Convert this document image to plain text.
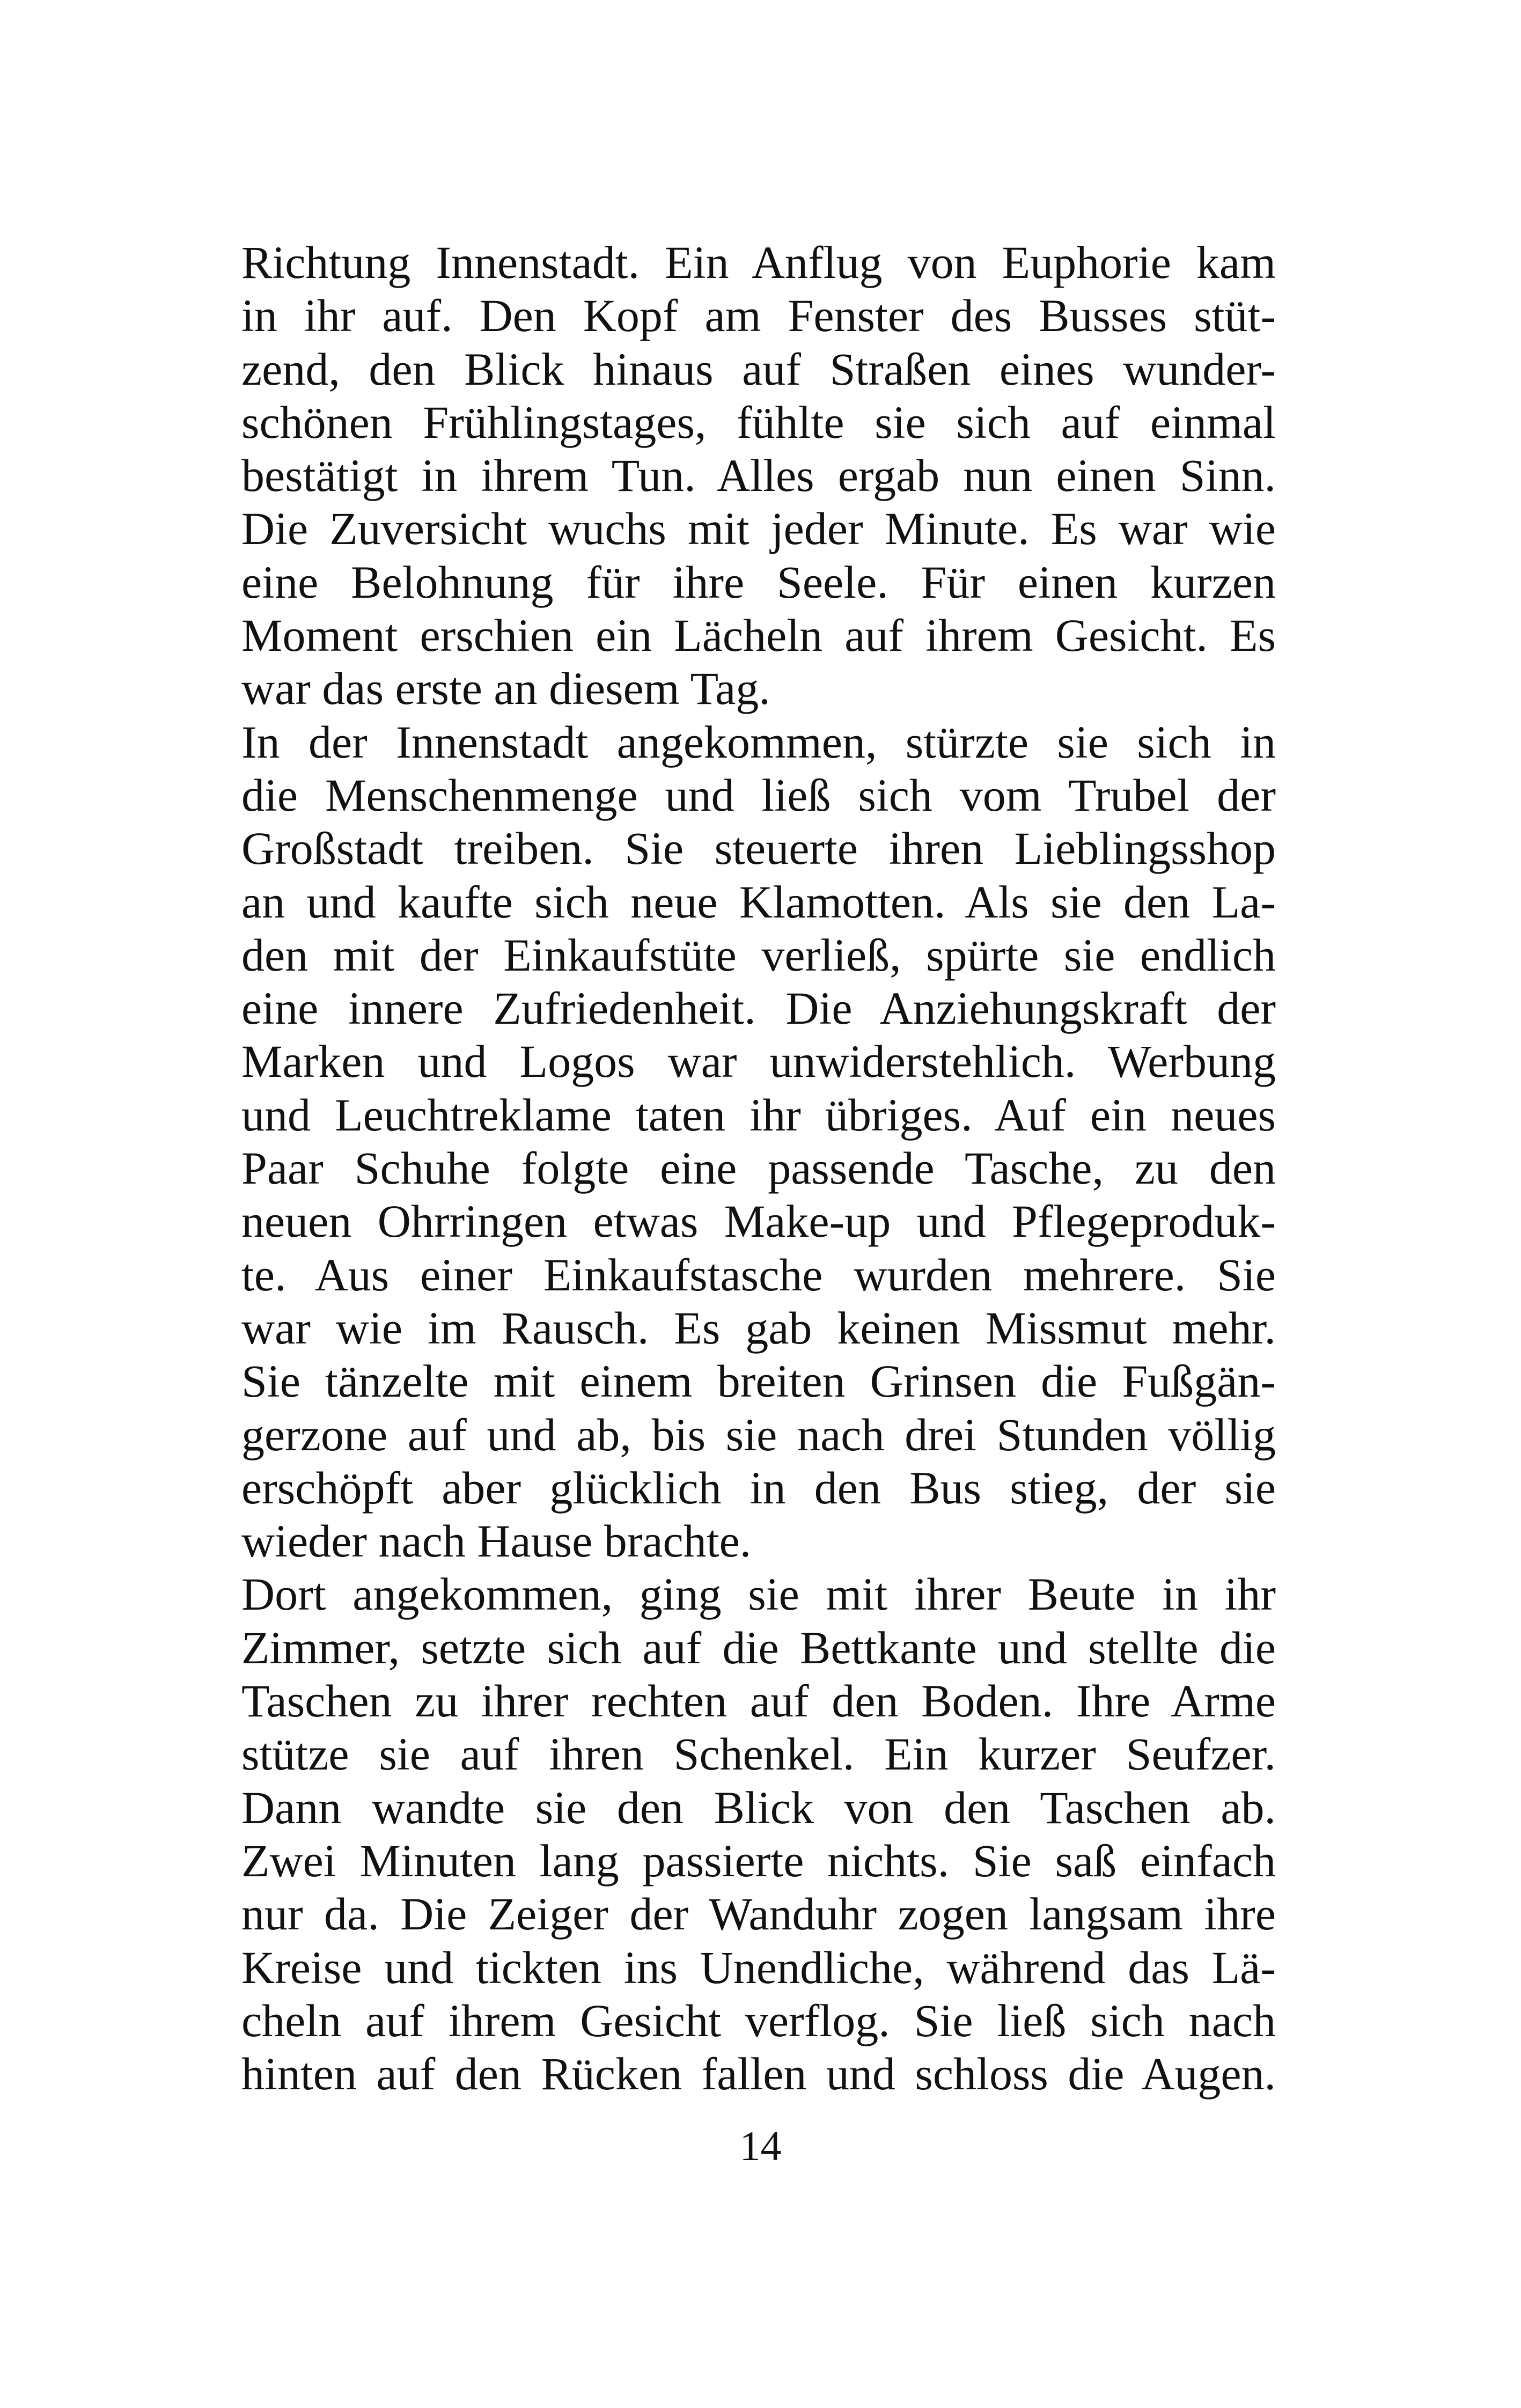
Richtung Innenstadt. Ein Anflug von Euphorie kam
in ihr auf. Den Kopf am Fenster des Busses stüt-
zend, den Blick hinaus auf Straßen eines wunder-
schönen Frühlingstages, fühlte sie sich auf einmal
bestätigt in ihrem Tun. Alles ergab nun einen Sinn.
Die Zuversicht wuchs mit jeder Minute. Es war wie
eine Belohnung für ihre Seele. Für einen kurzen
Moment erschien ein Lächeln auf ihrem Gesicht. Es
war das erste an diesem Tag.
In der Innenstadt angekommen, stürzte sie sich in
die Menschenmenge und ließ sich vom Trubel der
Großstadt treiben. Sie steuerte ihren Lieblingsshop
an und kaufte sich neue Klamotten. Als sie den La-
den mit der Einkaufstüte verließ, spürte sie endlich
eine innere Zufriedenheit. Die Anziehungskraft der
Marken und Logos war unwiderstehlich. Werbung
und Leuchtreklame taten ihr übriges. Auf ein neues
Paar Schuhe folgte eine passende Tasche, zu den
neuen Ohrringen etwas Make-up und Pflegeproduk-
te. Aus einer Einkaufstasche wurden mehrere. Sie
war wie im Rausch. Es gab keinen Missmut mehr.
Sie tänzelte mit einem breiten Grinsen die Fußgän-
gerzone auf und ab, bis sie nach drei Stunden völlig
erschöpft aber glücklich in den Bus stieg, der sie
wieder nach Hause brachte.
Dort angekommen, ging sie mit ihrer Beute in ihr
Zimmer, setzte sich auf die Bettkante und stellte die
Taschen zu ihrer rechten auf den Boden. Ihre Arme
stütze sie auf ihren Schenkel. Ein kurzer Seufzer.
Dann wandte sie den Blick von den Taschen ab.
Zwei Minuten lang passierte nichts. Sie saß einfach
nur da. Die Zeiger der Wanduhr zogen langsam ihre
Kreise und tickten ins Unendliche, während das Lä-
cheln auf ihrem Gesicht verflog. Sie ließ sich nach
hinten auf den Rücken fallen und schloss die Augen.
14
